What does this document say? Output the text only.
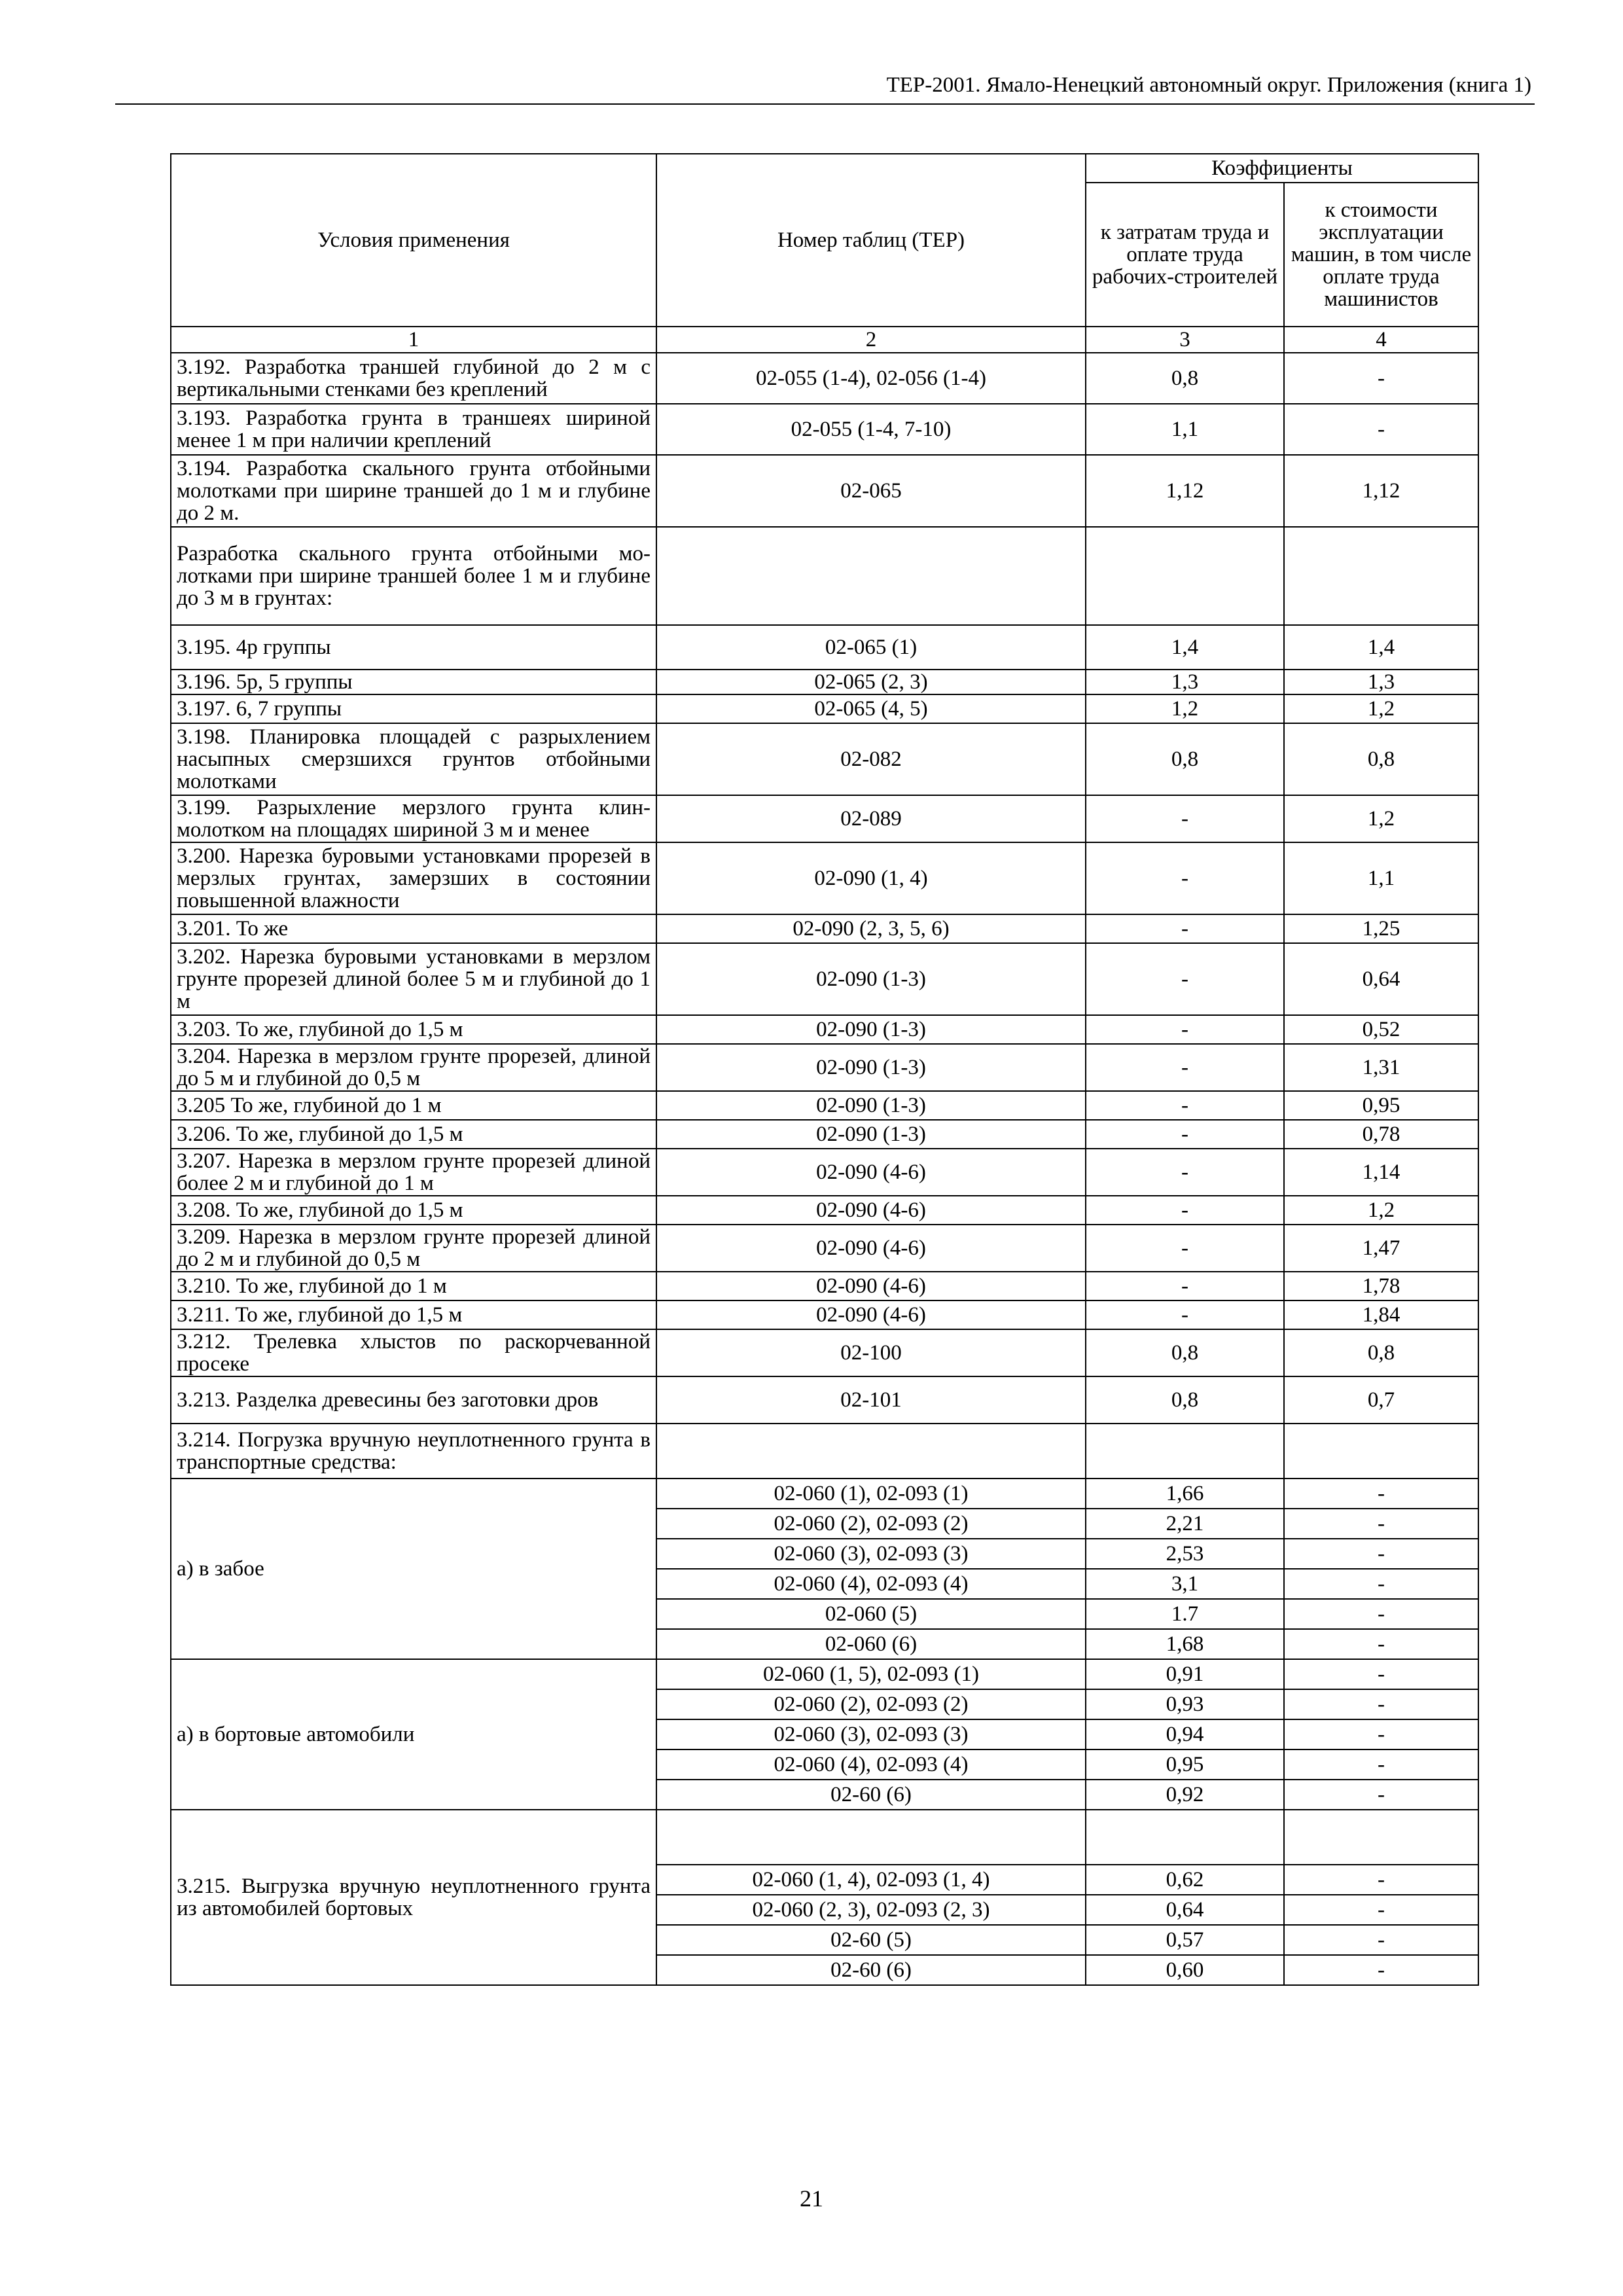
ТЕР-2001. Ямало-Ненецкий автономный округ. Приложения (книга 1)
Условия применения	Номер таблиц (ТЕР)	Коэффициенты	
		к затратам труда и оплате труда рабочих-строителей	к стоимости эксплуатации машин, в том числе оплате труда машинистов
1	2	3	4
3.192. Разработка траншей глубиной до 2 м с вертикальными стенками без креплений	02-055 (1-4), 02-056 (1-4)	0,8	-
3.193. Разработка грунта в траншеях шириной менее 1 м при наличии креплений	02-055 (1-4, 7-10)	1,1	-
3.194. Разработка скального грунта отбойными молотками при ширине траншей до 1 м и глубине до 2 м.	02-065	1,12	1,12
Разработка скального грунта отбойными молотками при ширине траншей более 1 м и глубине до 3 м в грунтах:			
3.195. 4р группы	02-065 (1)	1,4	1,4
3.196. 5р, 5 группы	02-065 (2, 3)	1,3	1,3
3.197. 6, 7 группы	02-065 (4, 5)	1,2	1,2
3.198. Планировка площадей с разрыхлением насыпных смерзшихся грунтов отбойными молотками	02-082	0,8	0,8
3.199. Разрыхление мерзлого грунта клин-молотком на площадях шириной 3 м и менее	02-089	-	1,2
3.200. Нарезка буровыми установками прорезей в мерзлых грунтах, замерзших в состоянии повышенной влажности	02-090 (1, 4)	-	1,1
3.201. То же	02-090 (2, 3, 5, 6)	-	1,25
3.202. Нарезка буровыми установками в мерзлом грунте прорезей длиной более 5 м и глубиной до 1 м	02-090 (1-3)	-	0,64
3.203. То же, глубиной до 1,5 м	02-090 (1-3)	-	0,52
3.204. Нарезка в мерзлом грунте прорезей, длиной до 5 м и глубиной до 0,5 м	02-090 (1-3)	-	1,31
3.205 То же, глубиной до 1 м	02-090 (1-3)	-	0,95
3.206. То же, глубиной до 1,5 м	02-090 (1-3)	-	0,78
3.207. Нарезка в мерзлом грунте прорезей длиной более 2 м и глубиной до 1 м	02-090 (4-6)	-	1,14
3.208. То же, глубиной до 1,5 м	02-090 (4-6)	-	1,2
3.209. Нарезка в мерзлом грунте прорезей длиной до 2 м и глубиной до 0,5 м	02-090 (4-6)	-	1,47
3.210. То же, глубиной до 1 м	02-090 (4-6)	-	1,78
3.211. То же, глубиной до 1,5 м	02-090 (4-6)	-	1,84
3.212. Трелевка хлыстов по раскорчеванной просеке	02-100	0,8	0,8
3.213. Разделка древесины без заготовки дров	02-101	0,8	0,7
3.214. Погрузка вручную неуплотненного грунта в транспортные средства:			
а) в забое	02-060 (1), 02-093 (1)	1,66	-
	02-060 (2), 02-093 (2)	2,21	-
	02-060 (3), 02-093 (3)	2,53	-
	02-060 (4), 02-093 (4)	3,1	-
	02-060 (5)	1.7	-
	02-060 (6)	1,68	-
а) в бортовые автомобили	02-060 (1, 5), 02-093 (1)	0,91	-
	02-060 (2), 02-093 (2)	0,93	-
	02-060 (3), 02-093 (3)	0,94	-
	02-060 (4), 02-093 (4)	0,95	-
	02-60 (6)	0,92	-
3.215. Выгрузка вручную неуплотненного грунта из автомобилей бортовых			
	02-060 (1, 4), 02-093 (1, 4)	0,62	-
	02-060 (2, 3), 02-093 (2, 3)	0,64	-
	02-60 (5)	0,57	-
	02-60 (6)	0,60	-
21
